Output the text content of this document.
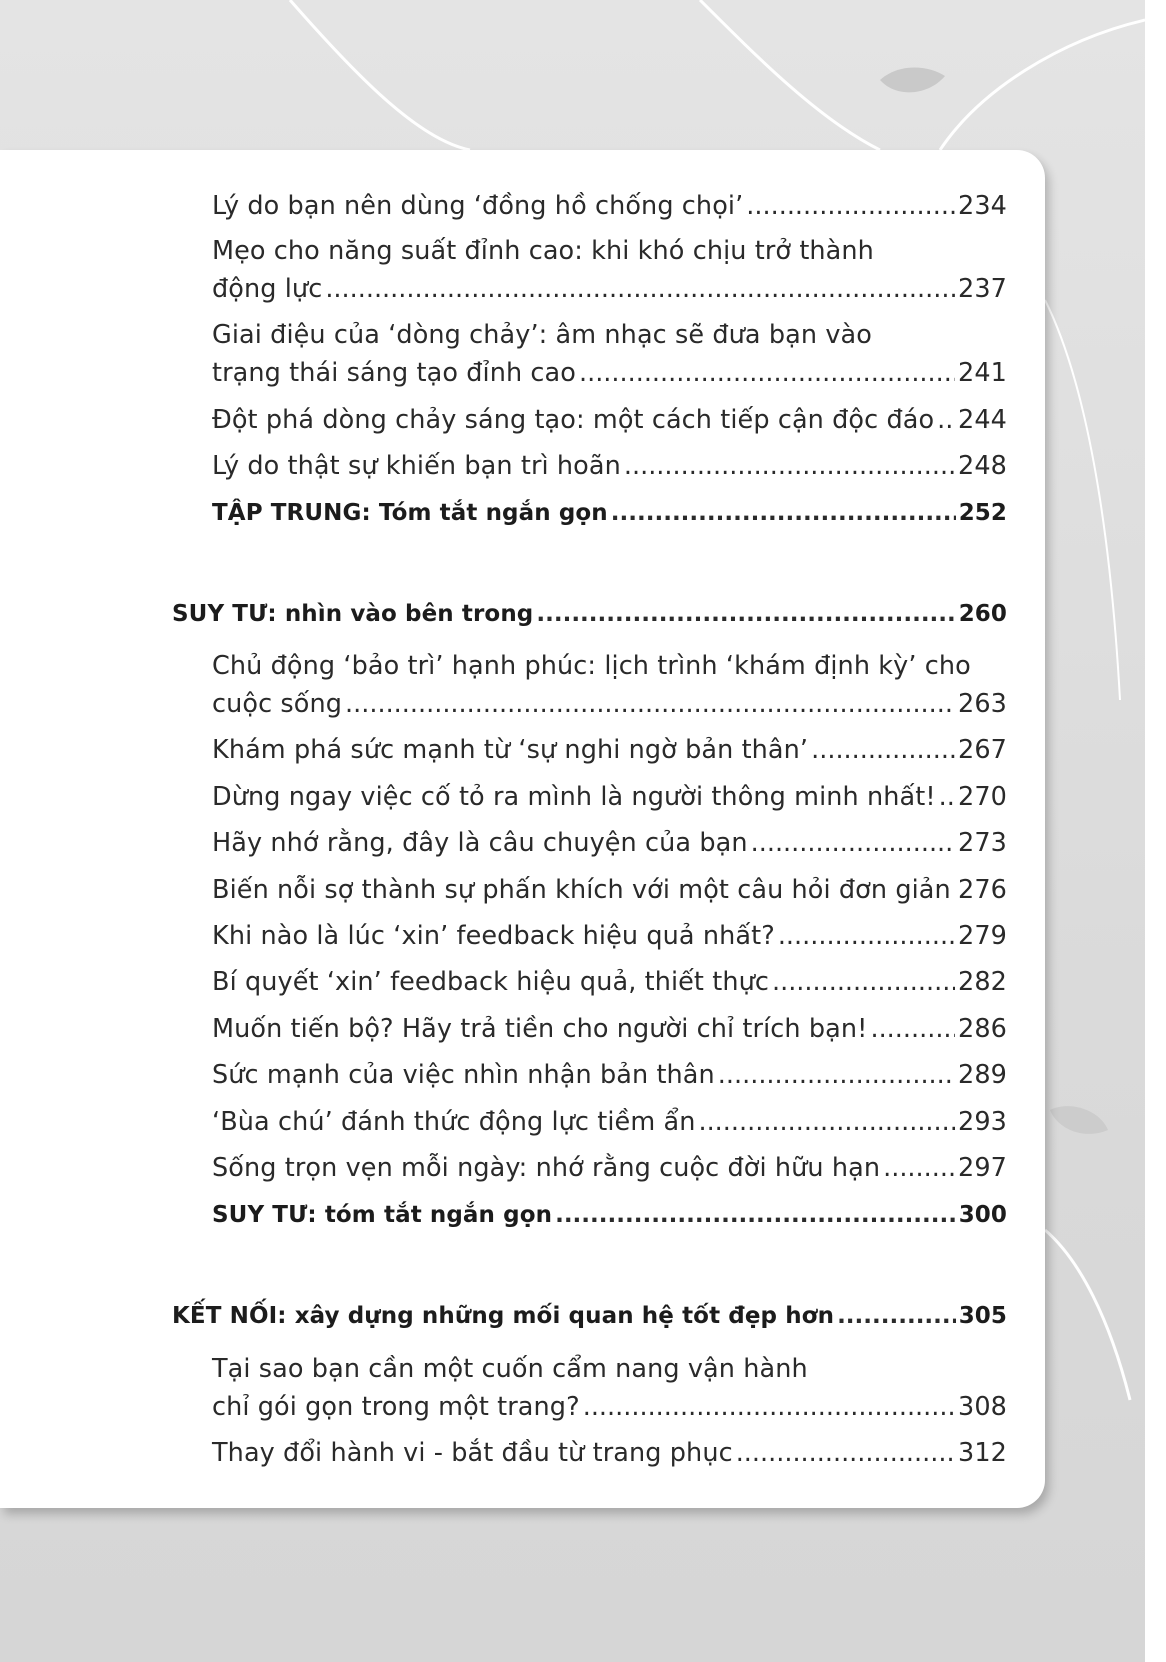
Lý do bạn nên dùng ‘đồng hồ chống chọi’ .....	234
Mẹo cho năng suất đỉnh cao: khi khó chịu trở thành
động lực .....	237
Giai điệu của ‘dòng chảy’: âm nhạc sẽ đưa bạn vào
trạng thái sáng tạo đỉnh cao .....	241
Đột phá dòng chảy sáng tạo: một cách tiếp cận độc đáo ..... 244
Lý do thật sự khiến bạn trì hoãn .....	248
TẬP TRUNG: Tóm tắt ngắn gọn .....	252
SUY TƯ: nhìn vào bên trong .....	260
Chủ động ‘bảo trì’ hạnh phúc: lịch trình ‘khám định kỳ’ cho
cuộc sống .....	263
Khám phá sức mạnh từ ‘sự nghi ngờ bản thân’ .....	267
Dừng ngay việc cố tỏ ra mình là người thông minh nhất! ..... 270
Hãy nhớ rằng, đây là câu chuyện của bạn .....	273
Biến nỗi sợ thành sự phấn khích với một câu hỏi đơn giản ..... 276
Khi nào là lúc ‘xin’ feedback hiệu quả nhất? .....	279
Bí quyết ‘xin’ feedback hiệu quả, thiết thực .....	282
Muốn tiến bộ? Hãy trả tiền cho người chỉ trích bạn! .....	286
Sức mạnh của việc nhìn nhận bản thân .....	289
‘Bùa chú’ đánh thức động lực tiềm ẩn .....	293
Sống trọn vẹn mỗi ngày: nhớ rằng cuộc đời hữu hạn .....	297
SUY TƯ: tóm tắt ngắn gọn .....	300
KẾT NỐI: xây dựng những mối quan hệ tốt đẹp hơn .....	305
Tại sao bạn cần một cuốn cẩm nang vận hành
chỉ gói gọn trong một trang? .....	308
Thay đổi hành vi - bắt đầu từ trang phục .....	312
